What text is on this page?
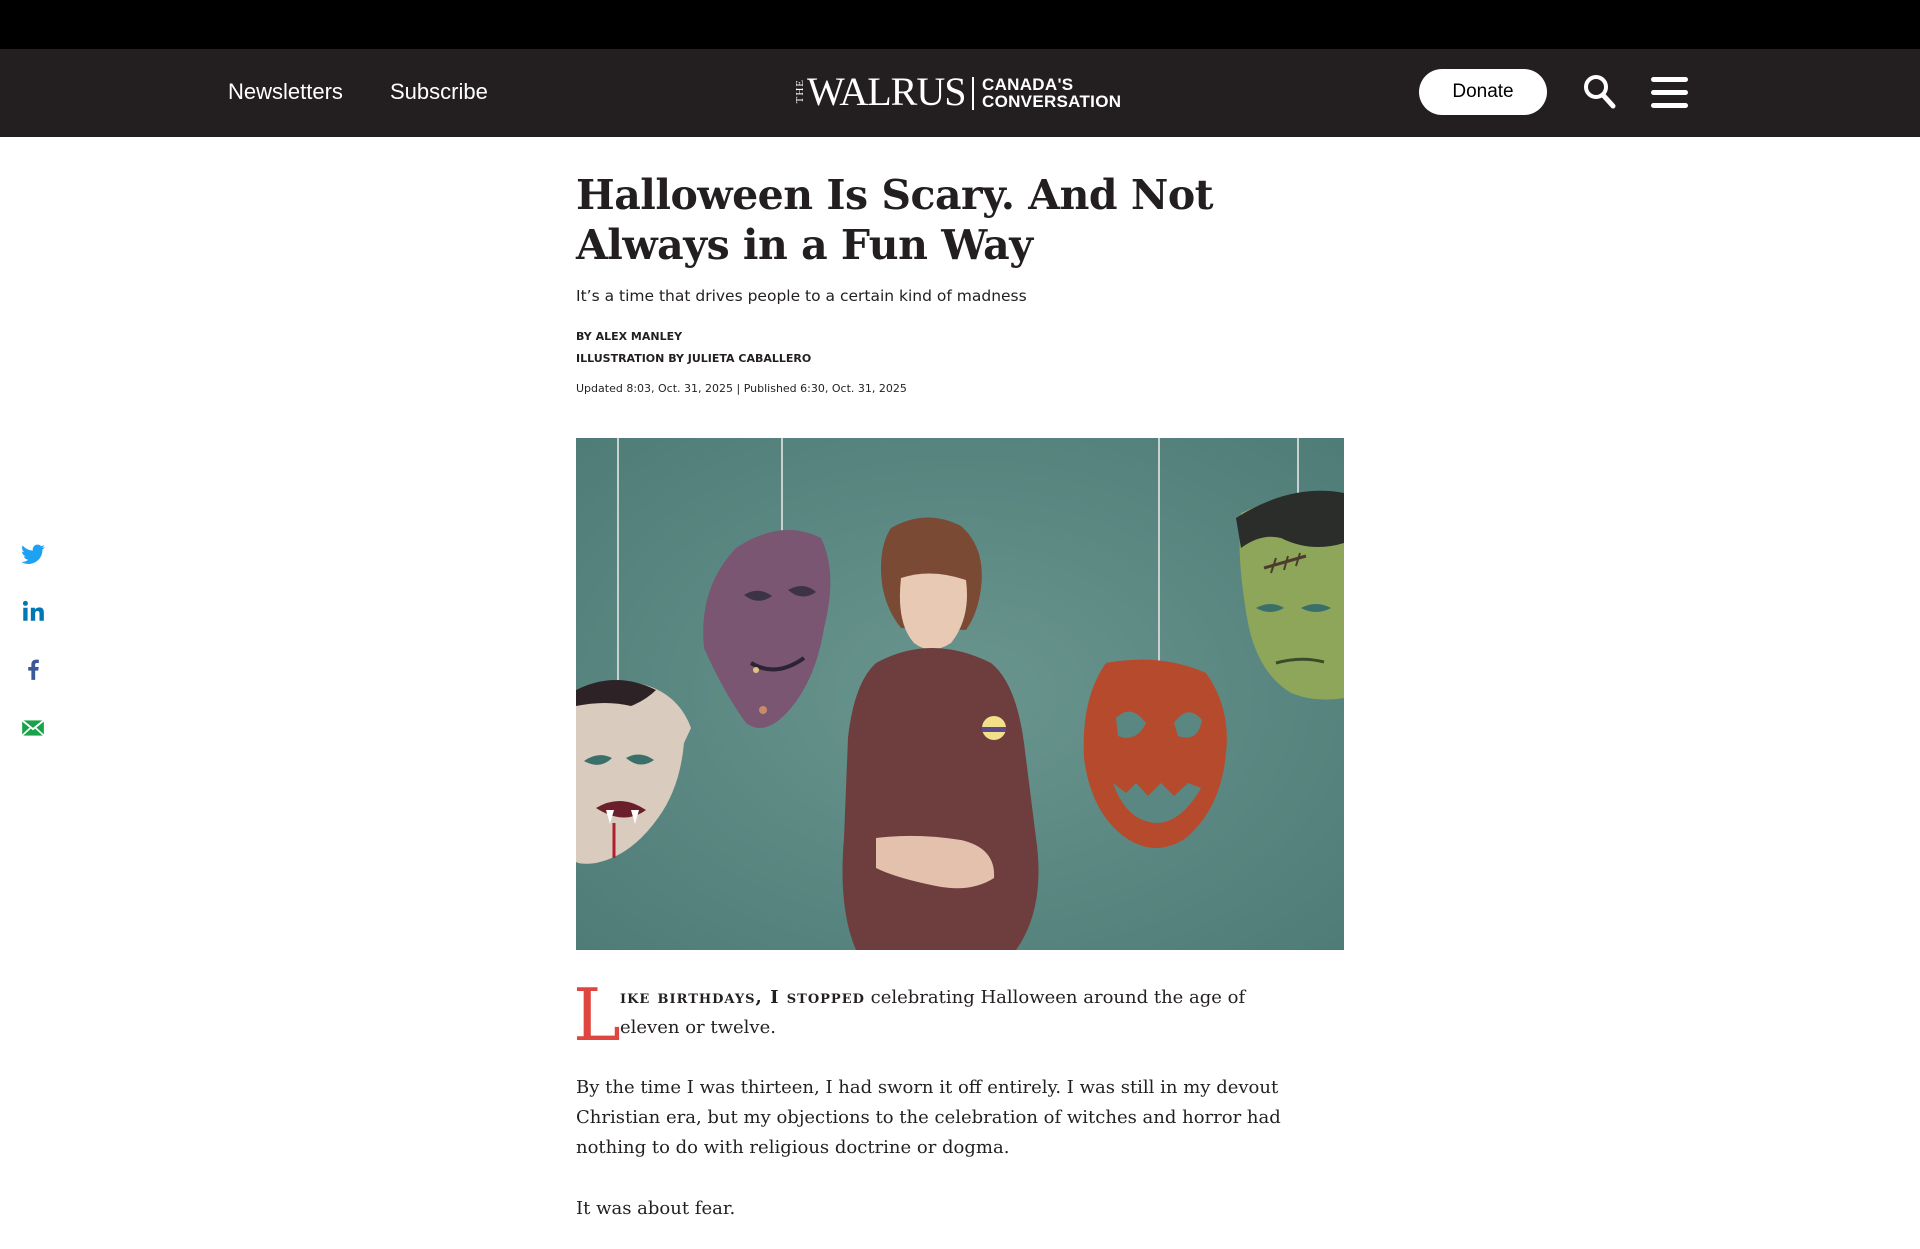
Newsletters Subscribe	THE WALRUS CANADA'S
CONVERSATION	Donate
Halloween Is Scary. And Not Always in a Fun Way
It’s a time that drives people to a certain kind of madness
BY ALEX MANLEY
ILLUSTRATION BY JULIETA CABALLERO
Updated 8:03, Oct. 31, 2025 | Published 6:30, Oct. 31, 2025
L ike birthdays, I stopped celebrating Halloween around the age of eleven or twelve.

By the time I was thirteen, I had sworn it off entirely. I was still in my devout Christian era, but my objections to the celebration of witches and horror had nothing to do with religious doctrine or dogma.

It was about fear.
